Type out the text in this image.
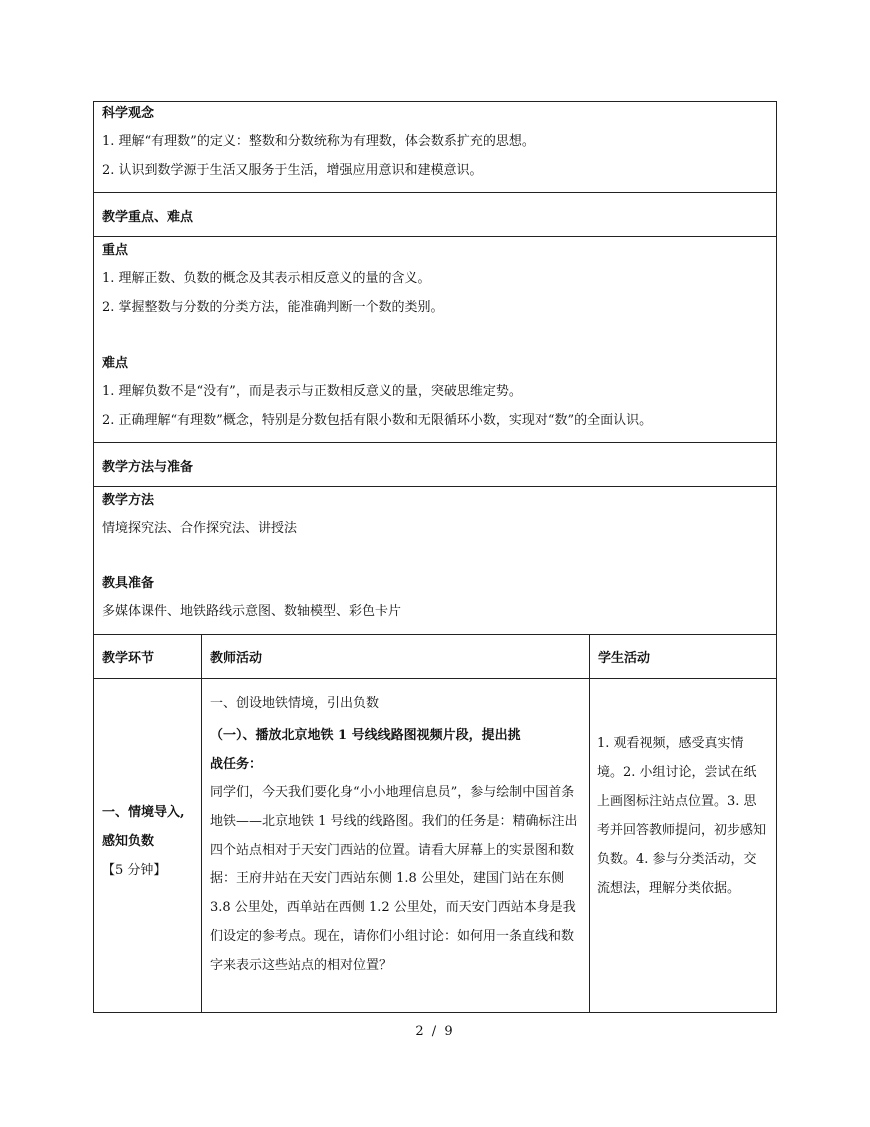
科学观念
1. 理解“有理数”的定义：整数和分数统称为有理数，体会数系扩充的思想。
2. 认识到数学源于生活又服务于生活，增强应用意识和建模意识。
教学重点、难点
重点
1. 理解正数、负数的概念及其表示相反意义的量的含义。
2. 掌握整数与分数的分类方法，能准确判断一个数的类别。
难点
1. 理解负数不是“没有”，而是表示与正数相反意义的量，突破思维定势。
2. 正确理解“有理数”概念，特别是分数包括有限小数和无限循环小数，实现对“数”的全面认识。
教学方法与准备
教学方法
情境探究法、合作探究法、讲授法
教具准备
多媒体课件、地铁路线示意图、数轴模型、彩色卡片
教学环节	教师活动	学生活动
一、情境导入,
感知负数
【5 分钟】
一、创设地铁情境，引出负数
（一）、播放北京地铁 1 号线线路图视频片段，提出挑
战任务：
同学们，今天我们要化身“小小地理信息员”，参与绘制中国首条地铁——北京地铁 1 号线的线路图。我们的任务是：精确标注出四个站点相对于天安门西站的位置。请看大屏幕上的实景图和数据：王府井站在天安门西站东侧 1.8 公里处，建国门站在东侧 3.8 公里处，西单站在西侧 1.2 公里处，而天安门西站本身是我们设定的参考点。现在，请你们小组讨论：如何用一条直线和数字来表示这些站点的相对位置？
1. 观看视频，感受真实情境。2. 小组讨论，尝试在纸上画图标注站点位置。3. 思考并回答教师提问，初步感知负数。4. 参与分类活动，交流想法，理解分类依据。
2 / 9
